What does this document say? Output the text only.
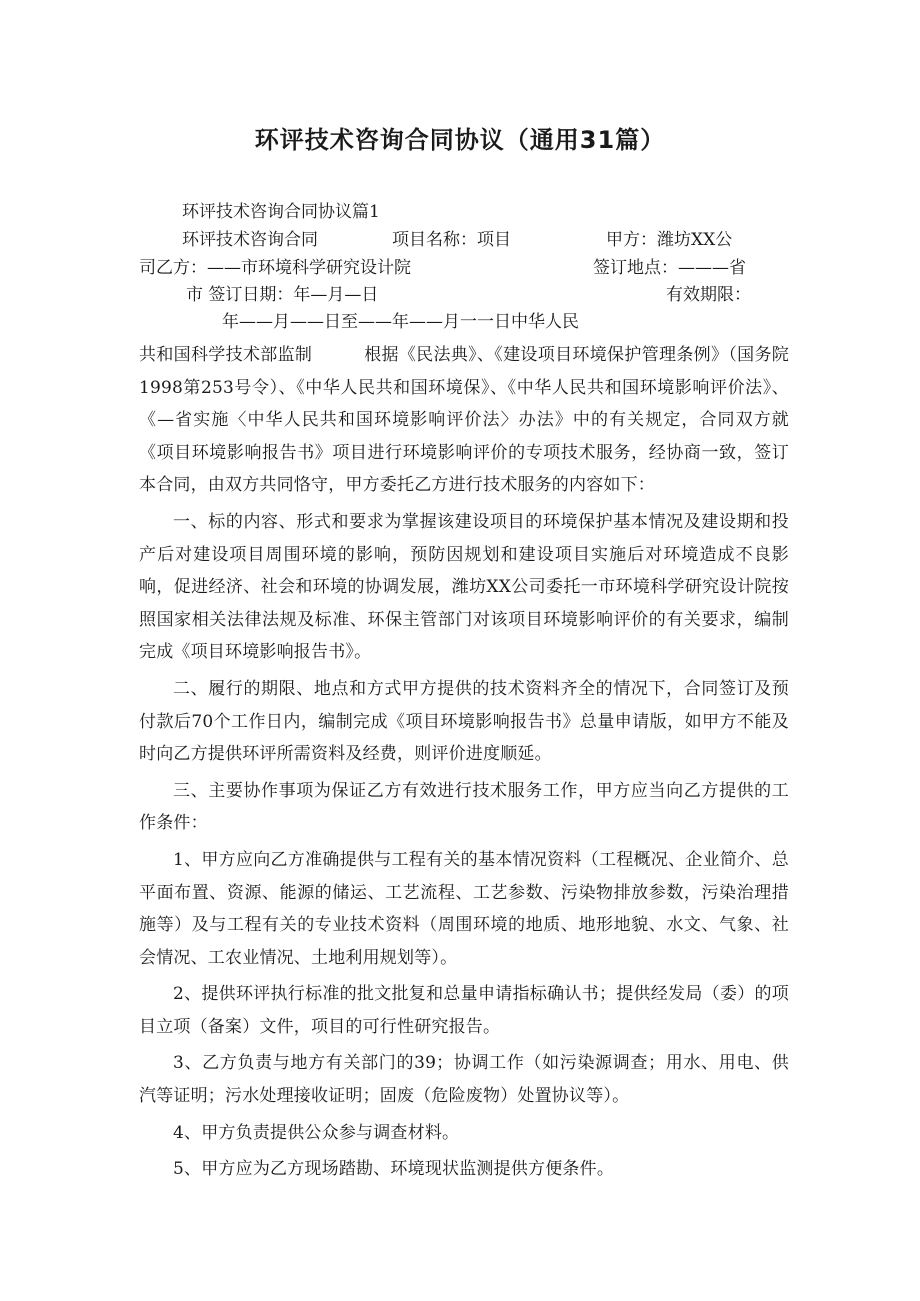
环评技术咨询合同协议（通用31篇）
环评技术咨询合同协议篇1
环评技术咨询合同	项目名称：项目	甲方：潍坊XX公
司乙方：——市环境科学研究设计院	签订地点：———省
市 签订日期：年—月—日	有效期限：
年——月——日至——年——月一一日中华人民

共和国科学技术部监制　　　根据《民法典》、《建设项目环境保护管理条例》（国务院1998第253号令）、《中华人民共和国环境保》、《中华人民共和国环境影响评价法》、《—省实施〈中华人民共和国环境影响评价法〉办法》中的有关规定，合同双方就《项目环境影响报告书》项目进行环境影响评价的专项技术服务，经协商一致，签订本合同，由双方共同恪守，甲方委托乙方进行技术服务的内容如下：

一、标的内容、形式和要求为掌握该建设项目的环境保护基本情况及建设期和投产后对建设项目周围环境的影响，预防因规划和建设项目实施后对环境造成不良影响，促进经济、社会和环境的协调发展，潍坊XX公司委托一市环境科学研究设计院按照国家相关法律法规及标准、环保主管部门对该项目环境影响评价的有关要求，编制完成《项目环境影响报告书》。

二、履行的期限、地点和方式甲方提供的技术资料齐全的情况下，合同签订及预付款后70个工作日内，编制完成《项目环境影响报告书》总量申请版，如甲方不能及时向乙方提供环评所需资料及经费，则评价进度顺延。

三、主要协作事项为保证乙方有效进行技术服务工作，甲方应当向乙方提供的工作条件：

1、甲方应向乙方准确提供与工程有关的基本情况资料（工程概况、企业简介、总平面布置、资源、能源的储运、工艺流程、工艺参数、污染物排放参数，污染治理措施等）及与工程有关的专业技术资料（周围环境的地质、地形地貌、水文、气象、社会情况、工农业情况、土地利用规划等）。

2、提供环评执行标准的批文批复和总量申请指标确认书；提供经发局（委）的项目立项（备案）文件，项目的可行性研究报告。

3、乙方负责与地方有关部门的39；协调工作（如污染源调查；用水、用电、供汽等证明；污水处理接收证明；固废（危险废物）处置协议等）。

4、甲方负责提供公众参与调查材料。

5、甲方应为乙方现场踏勘、环境现状监测提供方便条件。
